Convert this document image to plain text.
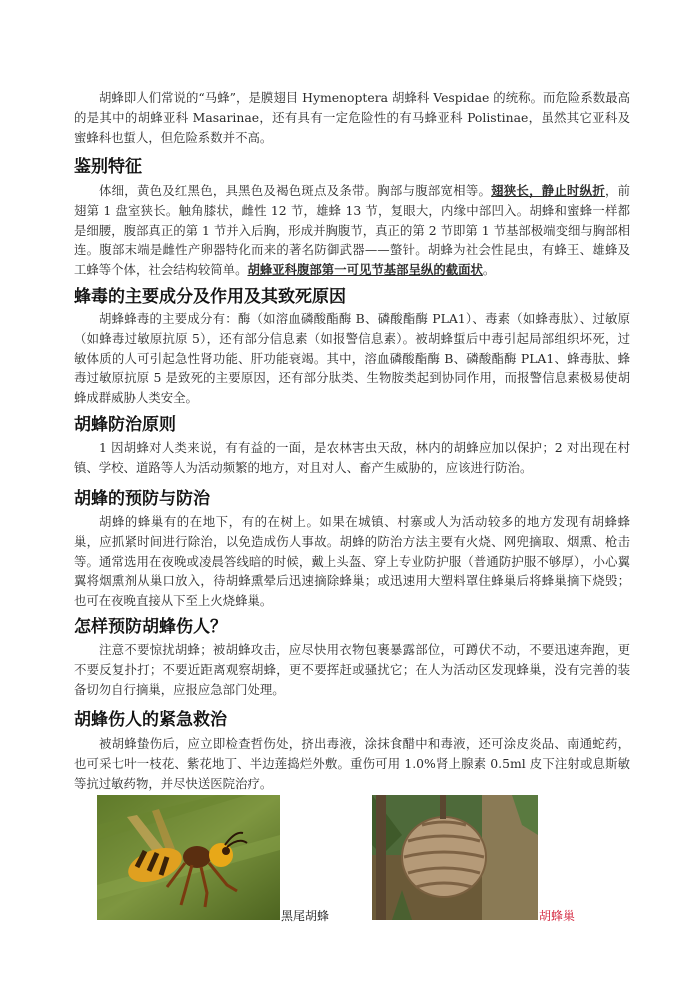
胡蜂即人们常说的“马蜂”，是膜翅目 Hymenoptera 胡蜂科 Vespidae 的统称。而危险系数最高的是其中的胡蜂亚科 Masarinae，还有具有一定危险性的有马蜂亚科 Polistinae，虽然其它亚科及蜜蜂科也蜇人，但危险系数并不高。
鉴别特征
体细，黄色及红黑色，具黑色及褐色斑点及条带。胸部与腹部宽相等。翅狭长，静止时纵折，前翅第 1 盘室狭长。触角膝状，雌性 12 节，雄蜂 13 节，复眼大，内缘中部凹入。胡蜂和蜜蜂一样都是细腰，腹部真正的第 1 节并入后胸，形成并胸腹节，真正的第 2 节即第 1 节基部极端变细与胸部相连。腹部末端是雌性产卵器特化而来的著名防御武器——螫针。胡蜂为社会性昆虫，有蜂王、雄蜂及工蜂等个体，社会结构较简单。胡蜂亚科腹部第一可见节基部呈纵的截面状。
蜂毒的主要成分及作用及其致死原因
胡蜂蜂毒的主要成分有：酶（如溶血磷酸酯酶 B、磷酸酯酶 PLA1）、毒素（如蜂毒肽）、过敏原（如蜂毒过敏原抗原 5），还有部分信息素（如报警信息素）。被胡蜂蜇后中毒引起局部组织坏死，过敏体质的人可引起急性肾功能、肝功能衰竭。其中，溶血磷酸酯酶 B、磷酸酯酶 PLA1、蜂毒肽、蜂毒过敏原抗原 5 是致死的主要原因，还有部分肽类、生物胺类起到协同作用，而报警信息素极易使胡蜂成群威胁人类安全。
胡蜂防治原则
1 因胡蜂对人类来说，有有益的一面，是农林害虫天敌，林内的胡蜂应加以保护；2 对出现在村镇、学校、道路等人为活动频繁的地方，对且对人、畜产生威胁的，应该进行防治。
胡蜂的预防与防治
胡蜂的蜂巢有的在地下，有的在树上。如果在城镇、村寨或人为活动较多的地方发现有胡蜂蜂巢，应抓紧时间进行除治，以免造成伤人事故。胡蜂的防治方法主要有火烧、网兜摘取、烟熏、枪击等。通常选用在夜晚或凌晨答线暗的时候，戴上头盔、穿上专业防护服（普通防护服不够厚），小心翼翼将烟熏剂从巢口放入，待胡蜂熏晕后迅速摘除蜂巢；或迅速用大塑料罩住蜂巢后将蜂巢摘下烧毁；也可在夜晚直接从下至上火烧蜂巢。
怎样预防胡蜂伤人？
注意不要惊扰胡蜂；被胡蜂攻击，应尽快用衣物包裹暴露部位，可蹲伏不动，不要迅速奔跑，更不要反复扑打；不要近距离观察胡蜂，更不要挥赶或骚扰它；在人为活动区发现蜂巢，没有完善的装备切勿自行摘巢，应报应急部门处理。
胡蜂伤人的紧急救治
被胡蜂蛰伤后，应立即检查哲伤处，挤出毒液，涂抹食醋中和毒液，还可涂皮炎品、南通蛇药，也可采七叶一枝花、紫花地丁、半边莲捣烂外敷。重伤可用 1.0%肾上腺素 0.5ml 皮下注射或息斯敏等抗过敏药物，并尽快送医院治疗。
黑尾胡蜂	胡蜂巢
